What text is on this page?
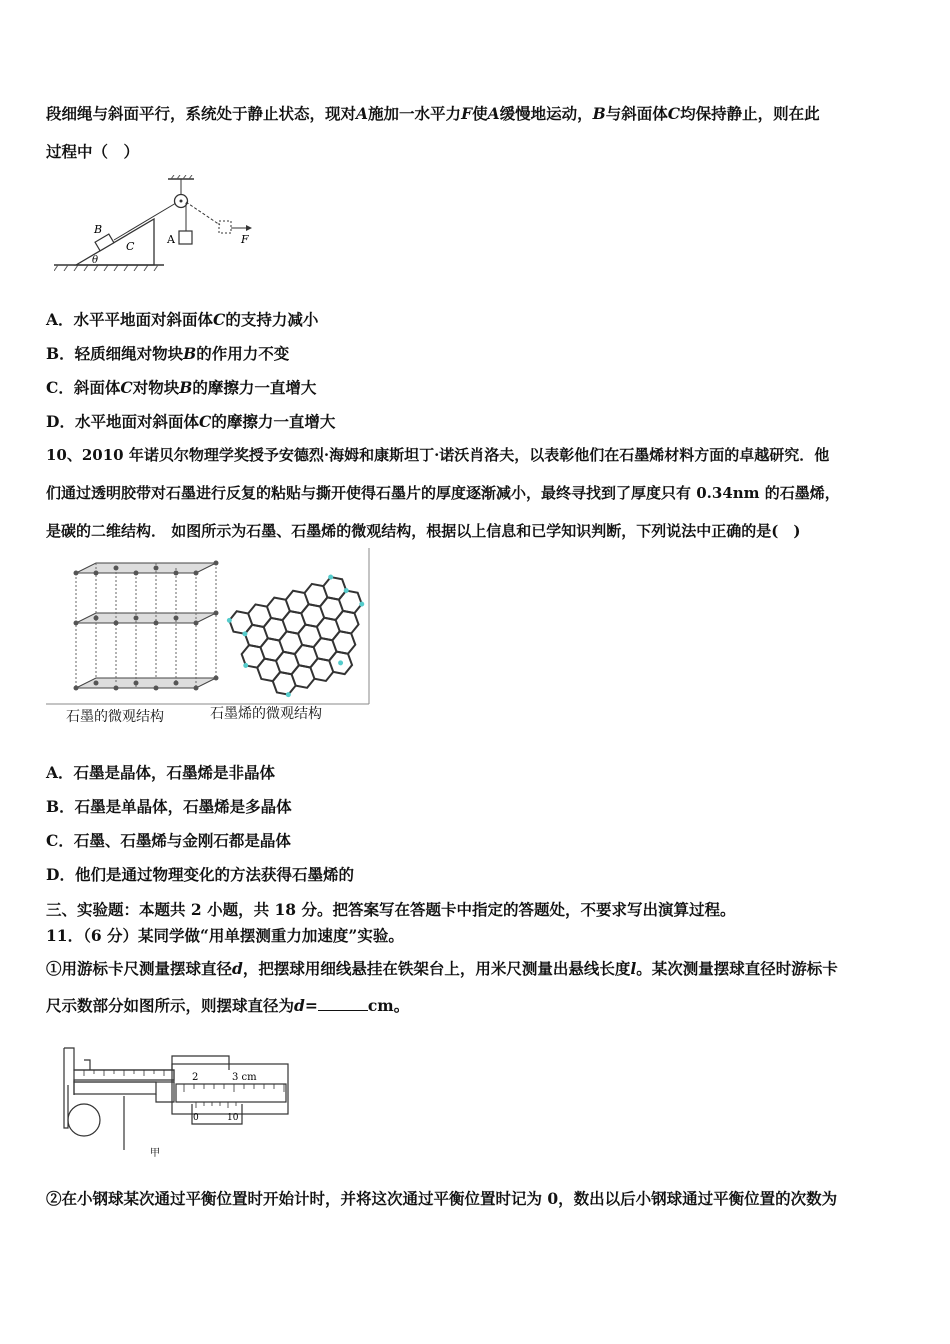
段细绳与斜面平行，系统处于静止状态，现对A施加一水平力F使A缓慢地运动，B与斜面体C均保持静止，则在此
过程中（　）
B
C
A	F
θ
A．水平平地面对斜面体C的支持力减小
B．轻质细绳对物块B的作用力不变
C．斜面体C对物块B的摩擦力一直增大
D．水平地面对斜面体C的摩擦力一直增大
10、2010 年诺贝尔物理学奖授予安德烈·海姆和康斯坦丁·诺沃肖洛夫，以表彰他们在石墨烯材料方面的卓越研究．他
们通过透明胶带对石墨进行反复的粘贴与撕开使得石墨片的厚度逐渐减小，最终寻找到了厚度只有 0.34nm 的石墨烯，
是碳的二维结构． 如图所示为石墨、石墨烯的微观结构，根据以上信息和已学知识判断，下列说法中正确的是(　)
石墨的微观结构	石墨烯的微观结构
A．石墨是晶体，石墨烯是非晶体
B．石墨是单晶体，石墨烯是多晶体
C．石墨、石墨烯与金刚石都是晶体
D．他们是通过物理变化的方法获得石墨烯的
三、实验题：本题共 2 小题，共 18 分。把答案写在答题卡中指定的答题处，不要求写出演算过程。
11．（6 分）某同学做“用单摆测重力加速度”实验。
①用游标卡尺测量摆球直径d，把摆球用细线悬挂在铁架台上，用米尺测量出悬线长度l。某次测量摆球直径时游标卡
尺示数部分如图所示，则摆球直径为d=	cm。
2	3 cm
0	10
甲
②在小钢球某次通过平衡位置时开始计时，并将这次通过平衡位置时记为 0，数出以后小钢球通过平衡位置的次数为
